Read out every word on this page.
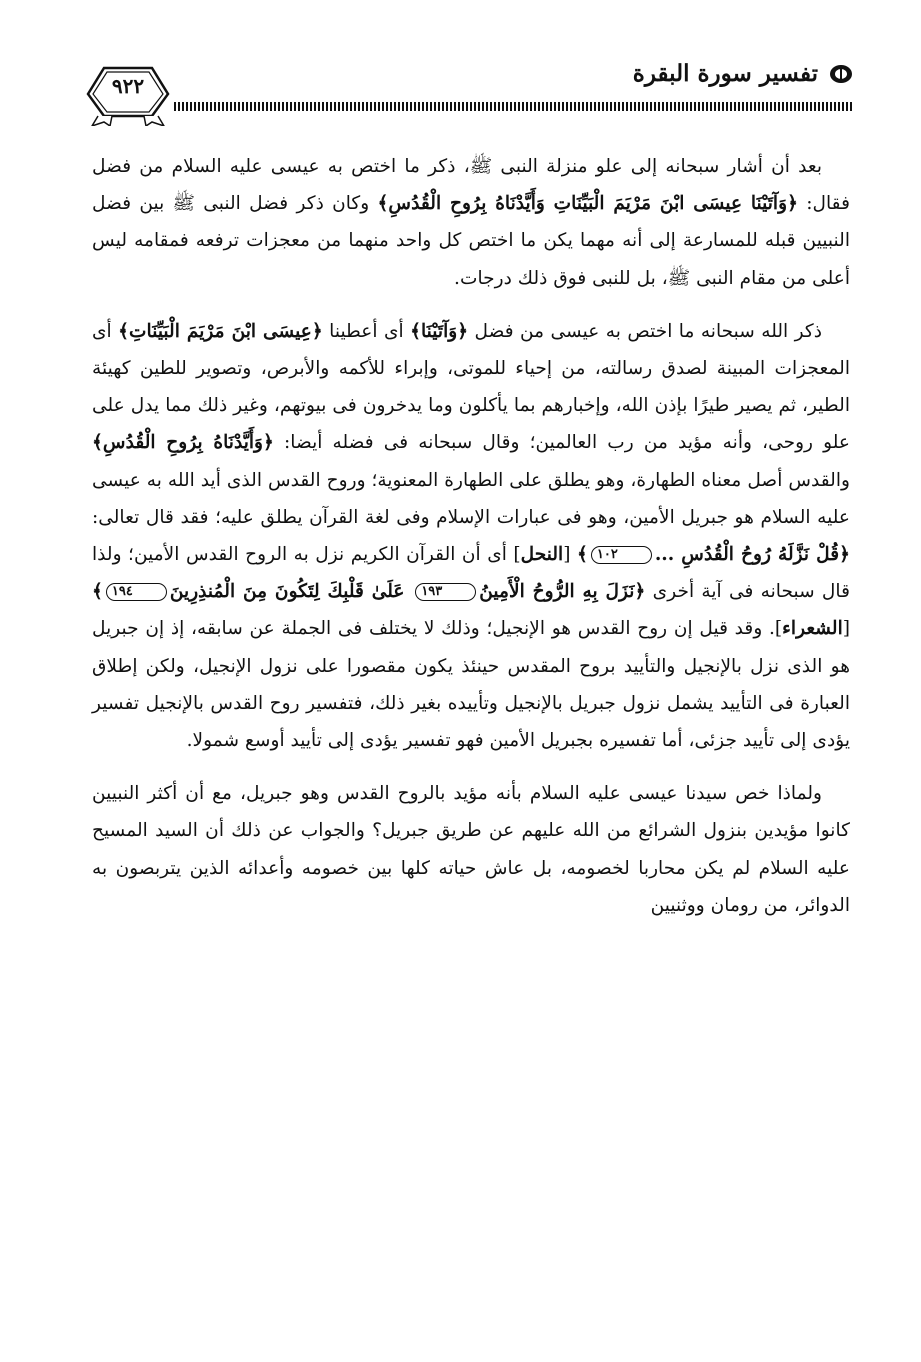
تفسير سورة البقرة
٩٢٢

بعد أن أشار سبحانه إلى علو منزلة النبى ﷺ، ذكر ما اختص به عيسى عليه السلام من فضل فقال: ﴿وَآتَيْنَا عِيسَى ابْنَ مَرْيَمَ الْبَيِّنَاتِ وَأَيَّدْنَاهُ بِرُوحِ الْقُدُسِ﴾ وكان ذكر فضل النبى ﷺ بين فضل النبيين قبله للمسارعة إلى أنه مهما يكن ما اختص كل واحد منهما من معجزات ترفعه فمقامه ليس أعلى من مقام النبى ﷺ، بل للنبى فوق ذلك درجات.

ذكر الله سبحانه ما اختص به عيسى من فضل ﴿وَآتَيْنَا﴾ أى أعطينا ﴿عِيسَى ابْنَ مَرْيَمَ الْبَيِّنَاتِ﴾ أى المعجزات المبينة لصدق رسالته، من إحياء للموتى، وإبراء للأكمه والأبرص، وتصوير للطين كهيئة الطير، ثم يصير طيرًا بإذن الله، وإخبارهم بما يأكلون وما يدخرون فى بيوتهم، وغير ذلك مما يدل على علو روحى، وأنه مؤيد من رب العالمين؛ وقال سبحانه فى فضله أيضا: ﴿وَأَيَّدْنَاهُ بِرُوحِ الْقُدُسِ﴾ والقدس أصل معناه الطهارة، وهو يطلق على الطهارة المعنوية؛ وروح القدس الذى أيد الله به عيسى عليه السلام هو جبريل الأمين، وهو فى عبارات الإسلام وفى لغة القرآن يطلق عليه؛ فقد قال تعالى: ﴿قُلْ نَزَّلَهُ رُوحُ الْقُدُسِ ...١٠٢﴾ [النحل] أى أن القرآن الكريم نزل به الروح القدس الأمين؛ ولذا قال سبحانه فى آية أخرى ﴿نَزَلَ بِهِ الرُّوحُ الْأَمِينُ١٩٣ عَلَىٰ قَلْبِكَ لِتَكُونَ مِنَ الْمُنذِرِينَ١٩٤﴾ [الشعراء]. وقد قيل إن روح القدس هو الإنجيل؛ وذلك لا يختلف فى الجملة عن سابقه، إذ إن جبريل هو الذى نزل بالإنجيل والتأييد بروح المقدس حينئذ يكون مقصورا على نزول الإنجيل، ولكن إطلاق العبارة فى التأييد يشمل نزول جبريل بالإنجيل وتأييده بغير ذلك، فتفسير روح القدس بالإنجيل تفسير يؤدى إلى تأييد جزئى، أما تفسيره بجبريل الأمين فهو تفسير يؤدى إلى تأييد أوسع شمولا.

ولماذا خص سيدنا عيسى عليه السلام بأنه مؤيد بالروح القدس وهو جبريل، مع أن أكثر النبيين كانوا مؤيدين بنزول الشرائع من الله عليهم عن طريق جبريل؟ والجواب عن ذلك أن السيد المسيح عليه السلام لم يكن محاربا لخصومه، بل عاش حياته كلها بين خصومه وأعدائه الذين يتربصون به الدوائر، من رومان ووثنيين
